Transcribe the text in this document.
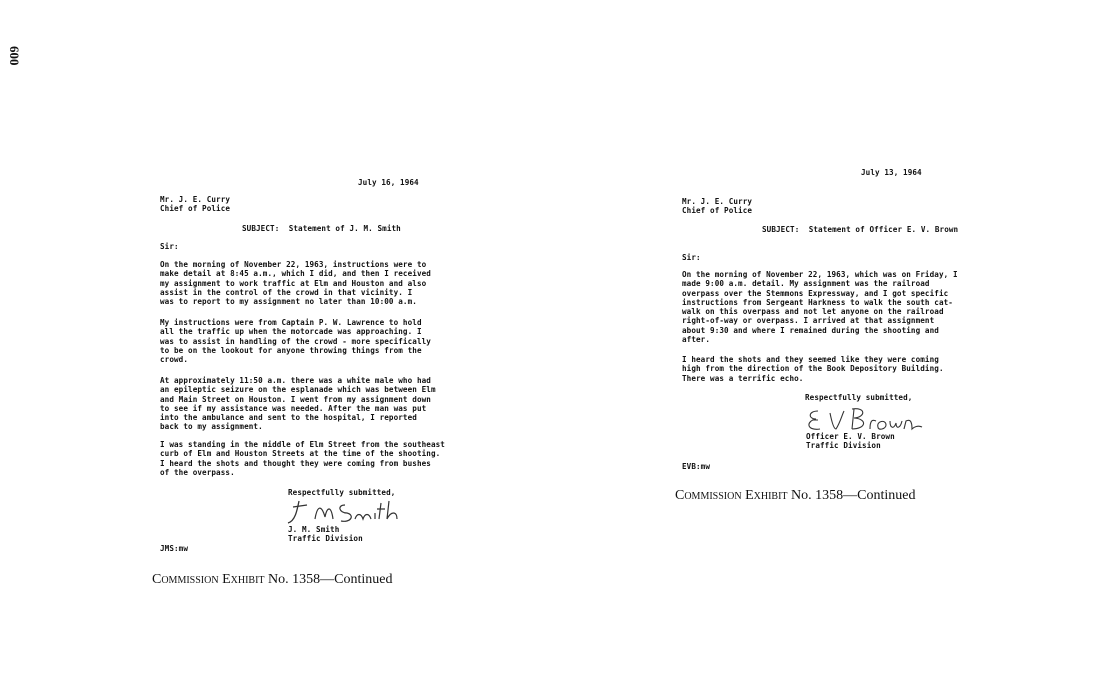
600
July 16, 1964
Mr. J. E. Curry
Chief of Police
SUBJECT: Statement of J. M. Smith
Sir:
On the morning of November 22, 1963, instructions were to
make detail at 8:45 a.m., which I did, and then I received
my assignment to work traffic at Elm and Houston and also
assist in the control of the crowd in that vicinity. I
was to report to my assignment no later than 10:00 a.m.
My instructions were from Captain P. W. Lawrence to hold
all the traffic up when the motorcade was approaching. I
was to assist in handling of the crowd - more specifically
to be on the lookout for anyone throwing things from the
crowd.
At approximately 11:50 a.m. there was a white male who had
an epileptic seizure on the esplanade which was between Elm
and Main Street on Houston. I went from my assignment down
to see if my assistance was needed. After the man was put
into the ambulance and sent to the hospital, I reported
back to my assignment.
I was standing in the middle of Elm Street from the southeast
curb of Elm and Houston Streets at the time of the shooting.
I heard the shots and thought they were coming from bushes
of the overpass.
Respectfully submitted,
J. M. Smith
Traffic Division
JMS:mw
Commission Exhibit No. 1358—Continued
July 13, 1964
Mr. J. E. Curry
Chief of Police
SUBJECT: Statement of Officer E. V. Brown
Sir:
On the morning of November 22, 1963, which was on Friday, I
made 9:00 a.m. detail. My assignment was the railroad
overpass over the Stemmons Expressway, and I got specific
instructions from Sergeant Harkness to walk the south cat-
walk on this overpass and not let anyone on the railroad
right-of-way or overpass. I arrived at that assignment
about 9:30 and where I remained during the shooting and
after.
I heard the shots and they seemed like they were coming
high from the direction of the Book Depository Building.
There was a terrific echo.
Respectfully submitted,
Officer E. V. Brown
Traffic Division
EVB:mw
Commission Exhibit No. 1358—Continued
